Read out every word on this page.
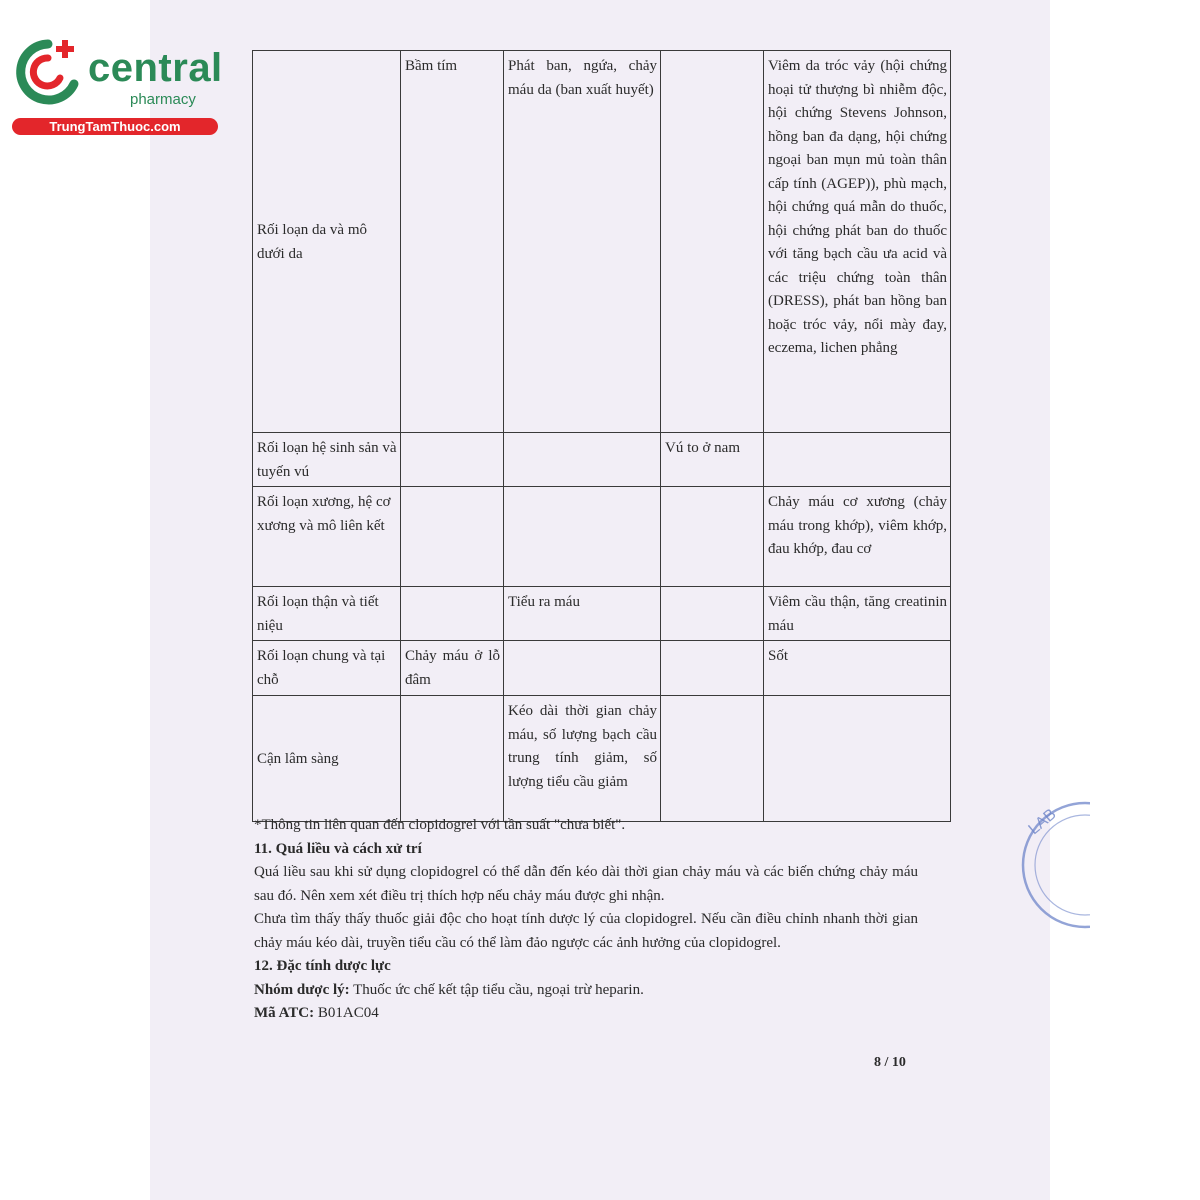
central
pharmacy
TrungTamThuoc.com
Rối loạn da và mô dưới da	Bầm tím	Phát ban, ngứa, chảy máu da (ban xuất huyết)		Viêm da tróc vảy (hội chứng hoại tử thượng bì nhiễm độc, hội chứng Stevens Johnson, hồng ban đa dạng, hội chứng ngoại ban mụn mủ toàn thân cấp tính (AGEP)), phù mạch, hội chứng quá mẫn do thuốc, hội chứng phát ban do thuốc với tăng bạch cầu ưa acid và các triệu chứng toàn thân (DRESS), phát ban hồng ban hoặc tróc vảy, nổi mày đay, eczema, lichen phẳng
Rối loạn hệ sinh sản và tuyến vú			Vú to ở nam	
Rối loạn xương, hệ cơ xương và mô liên kết				Chảy máu cơ xương (chảy máu trong khớp), viêm khớp, đau khớp, đau cơ
Rối loạn thận và tiết niệu		Tiểu ra máu		Viêm cầu thận, tăng creatinin máu
Rối loạn chung và tại chỗ	Chảy máu ở lỗ đâm			Sốt
Cận lâm sàng		Kéo dài thời gian chảy máu, số lượng bạch cầu trung tính giảm, số lượng tiểu cầu giảm		

*Thông tin liên quan đến clopidogrel với tần suất "chưa biết".

11. Quá liều và cách xử trí

Quá liều sau khi sử dụng clopidogrel có thể dẫn đến kéo dài thời gian chảy máu và các biến chứng chảy máu sau đó. Nên xem xét điều trị thích hợp nếu chảy máu được ghi nhận.

Chưa tìm thấy thấy thuốc giải độc cho hoạt tính dược lý của clopidogrel. Nếu cần điều chỉnh nhanh thời gian chảy máu kéo dài, truyền tiểu cầu có thể làm đảo ngược các ảnh hưởng của clopidogrel.

12. Đặc tính dược lực

Nhóm dược lý: Thuốc ức chế kết tập tiểu cầu, ngoại trừ heparin.

Mã ATC: B01AC04

8 / 10
LAB
